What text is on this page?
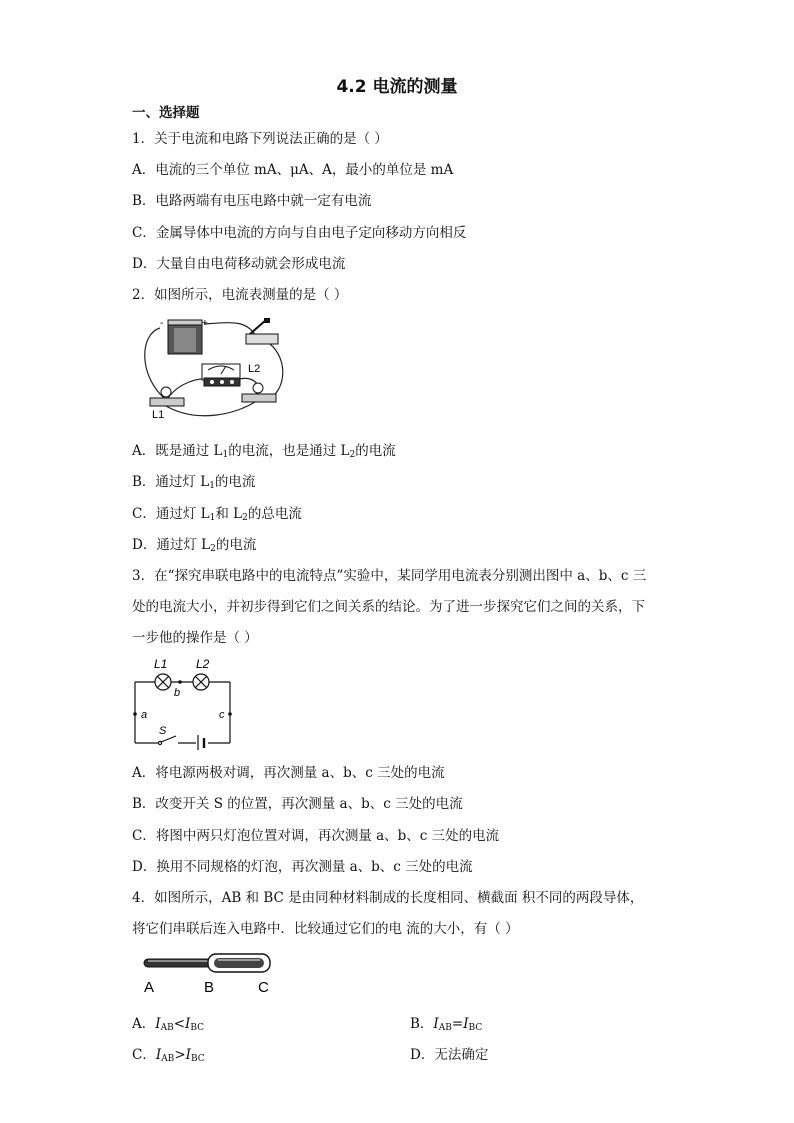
4.2 电流的测量
一、选择题
1．关于电流和电路下列说法正确的是（ ）
A．电流的三个单位 mA、μA、A，最小的单位是 mA
B．电路两端有电压电路中就一定有电流
C．金属导体中电流的方向与自由电子定向移动方向相反
D．大量自由电荷移动就会形成电流
2．如图所示，电流表测量的是（ ）
-	+
L1
L2
A．既是通过 $L_1$的电流，也是通过 $L_2$的电流
B．通过灯 $L_1$的电流
C．通过灯 $L_1$和 $L_2$的总电流
D．通过灯 $L_2$的电流
3．在“探究串联电路中的电流特点”实验中，某同学用电流表分别测出图中 a、b、c 三
处的电流大小，并初步得到它们之间关系的结论。为了进一步探究它们之间的关系，下
一步他的操作是（ ）
L1 L2
b
a	c
S
A．将电源两极对调，再次测量 a、b、c 三处的电流
B．改变开关 S 的位置，再次测量 a、b、c 三处的电流
C．将图中两只灯泡位置对调，再次测量 a、b、c 三处的电流
D．换用不同规格的灯泡，再次测量 a、b、c 三处的电流
4．如图所示，AB 和 BC 是由同种材料制成的长度相同、横截面 积不同的两段导体，
将它们串联后连入电路中．比较通过它们的电 流的大小，有（ ）
A	B	C
A．$I_{AB}<I_{BC}$	B．$I_{AB}=I_{BC}$
C．$I_{AB}>I_{BC}$	D．无法确定
